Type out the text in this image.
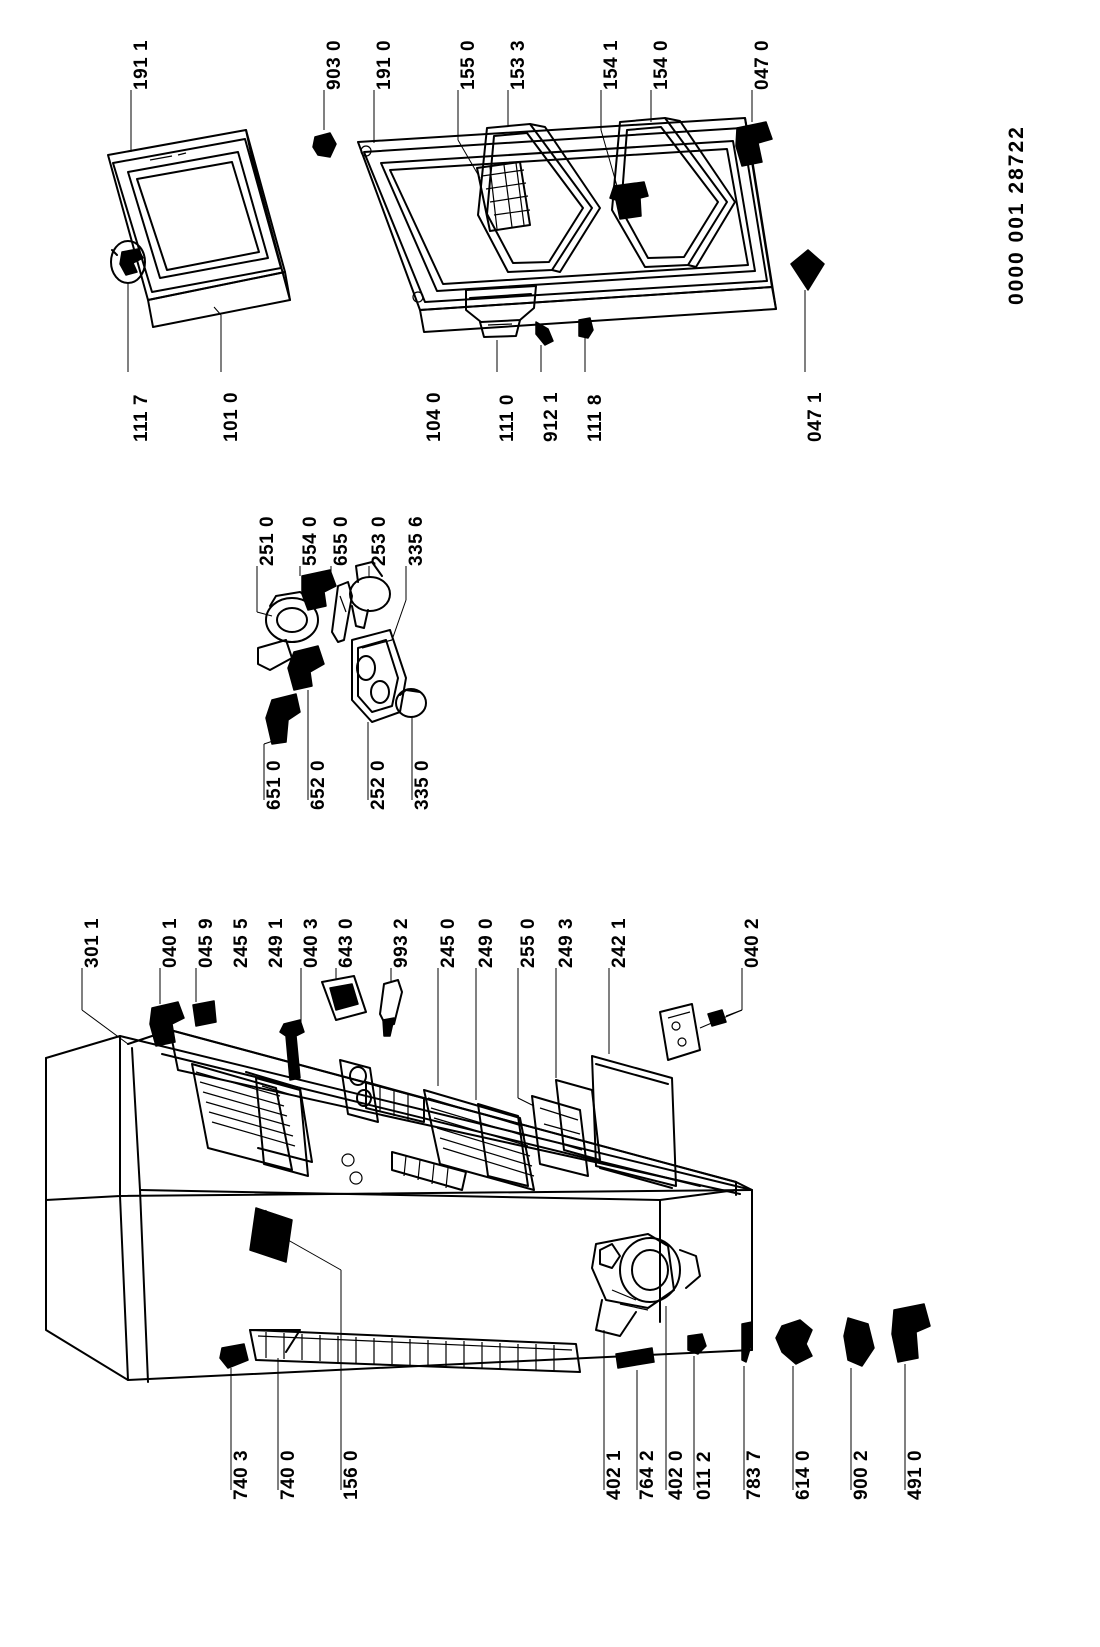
0000 001 28722
191 1	903 0 191 0	155 0 153 3	154 1 154 0	047 0
111 7	101 0	104 0	111 0 912 1 111 8	047 1
251 0 554 0 655 0 253 0 335 6
651 0 652 0 252 0 335 0
301 1	040 1 045 9 245 5 249 1 040 3 643 0 993 2 245 0 249 0 255 0 249 3 242 1	040 2
740 3 740 0 156 0	402 1 764 2 402 0 011 2 783 7 614 0 900 2 491 0
